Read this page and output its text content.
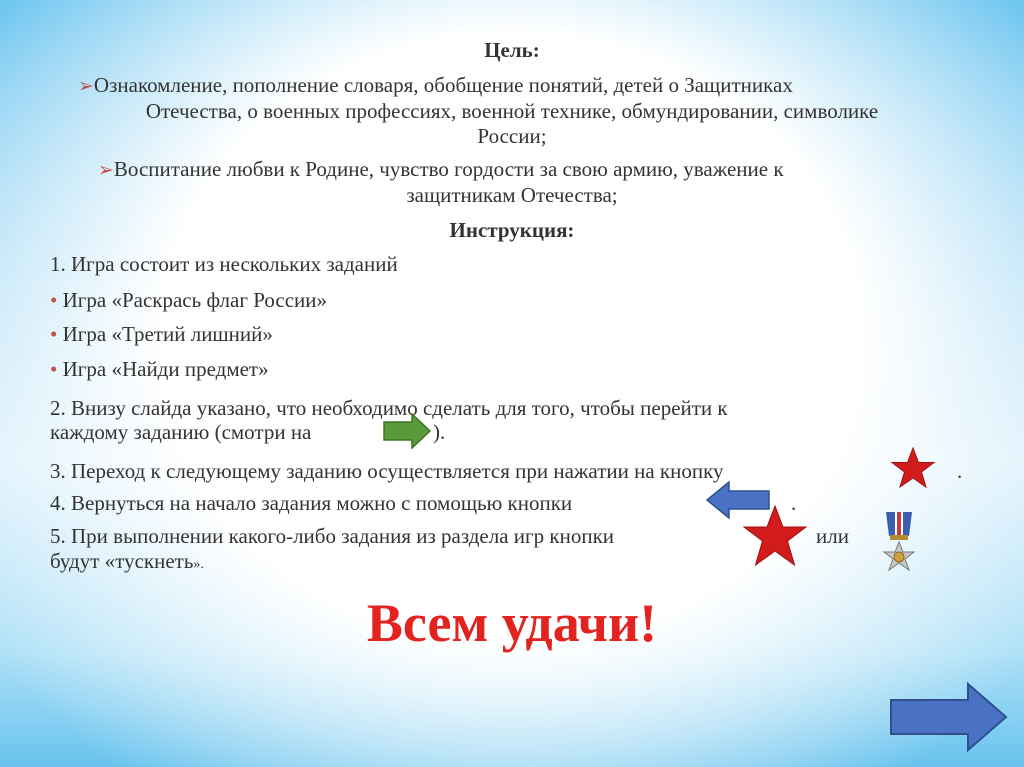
Цель:
➢Ознакомление, пополнение словаря, обобщение понятий, детей о Защитниках
Отечества, о военных профессиях, военной технике, обмундировании, символике
России;
➢Воспитание любви к Родине, чувство гордости за свою армию, уважение к
защитникам Отечества;
Инструкция:
1. Игра состоит из нескольких заданий
• Игра «Раскрась флаг России»
• Игра «Третий лишний»
• Игра «Найди предмет»
2. Внизу слайда указано, что необходимо сделать для того, чтобы перейти к
каждому заданию (смотри на	).
3. Переход к следующему заданию осуществляется при нажатии на кнопку	.
4. Вернуться на начало задания можно с помощью кнопки	.
5. При выполнении какого-либо задания из раздела игр кнопки	или
будут «тускнеть».
Всем удачи!
